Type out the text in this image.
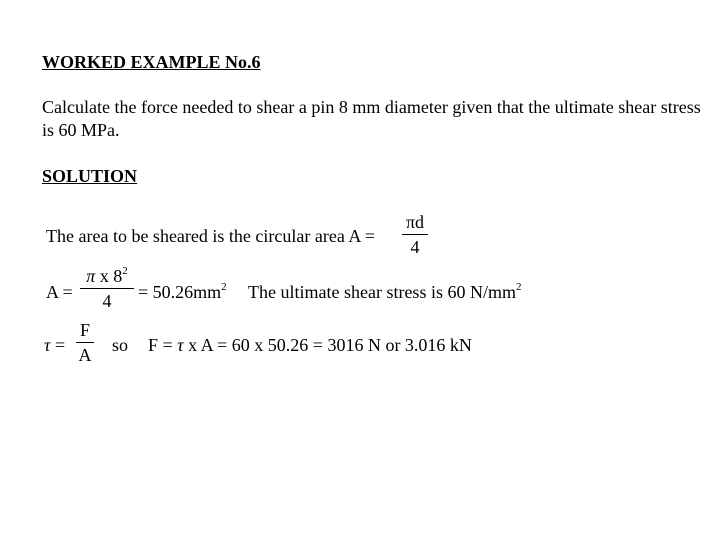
WORKED EXAMPLE No.6
Calculate the force needed to shear a pin 8 mm diameter given that the ultimate shear stress is 60 MPa.
SOLUTION
The area to be sheared is the circular area A =
πd
4
A =
π x $8^2$
4	= $50.26mm^2$ The ultimate shear stress is 60 $N/mm^2$
τ =
F
A so F = τ x A = 60 x 50.26 = 3016 N or 3.016 kN
